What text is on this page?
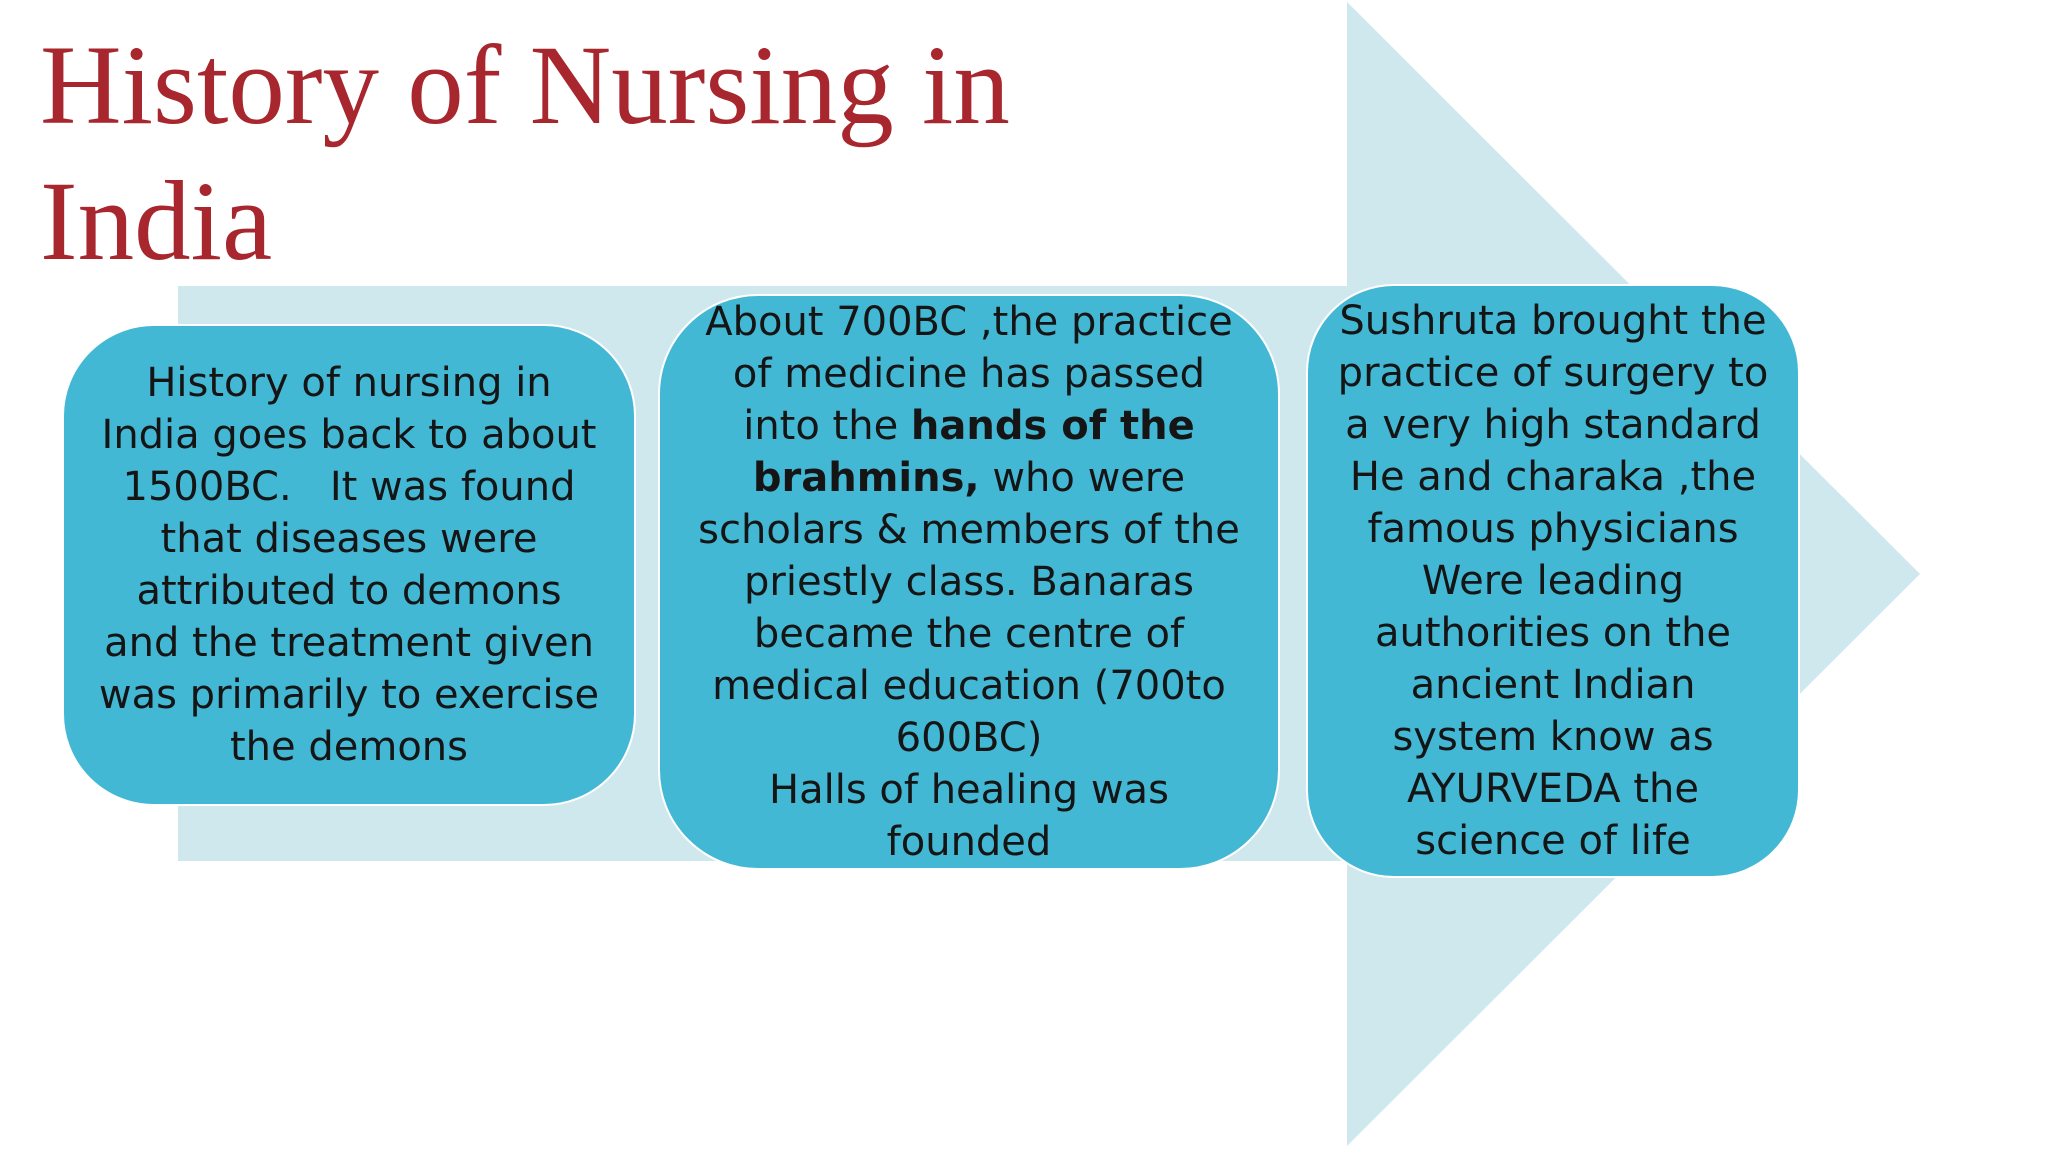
History of Nursing in
India
History of nursing in
India goes back to about
1500BC.   It was found
that diseases were
attributed to demons
and the treatment given
was primarily to exercise
the demons
About 700BC ,the practice
of medicine has passed
into the hands of the
brahmins, who were
scholars & members of the
priestly class. Banaras
became the centre of
medical education (700to
600BC)
Halls of healing was
founded
Sushruta brought the
practice of surgery to
a very high standard
He and charaka ,the
famous physicians
Were leading
authorities on the
ancient Indian
system know as
AYURVEDA the
science of life
